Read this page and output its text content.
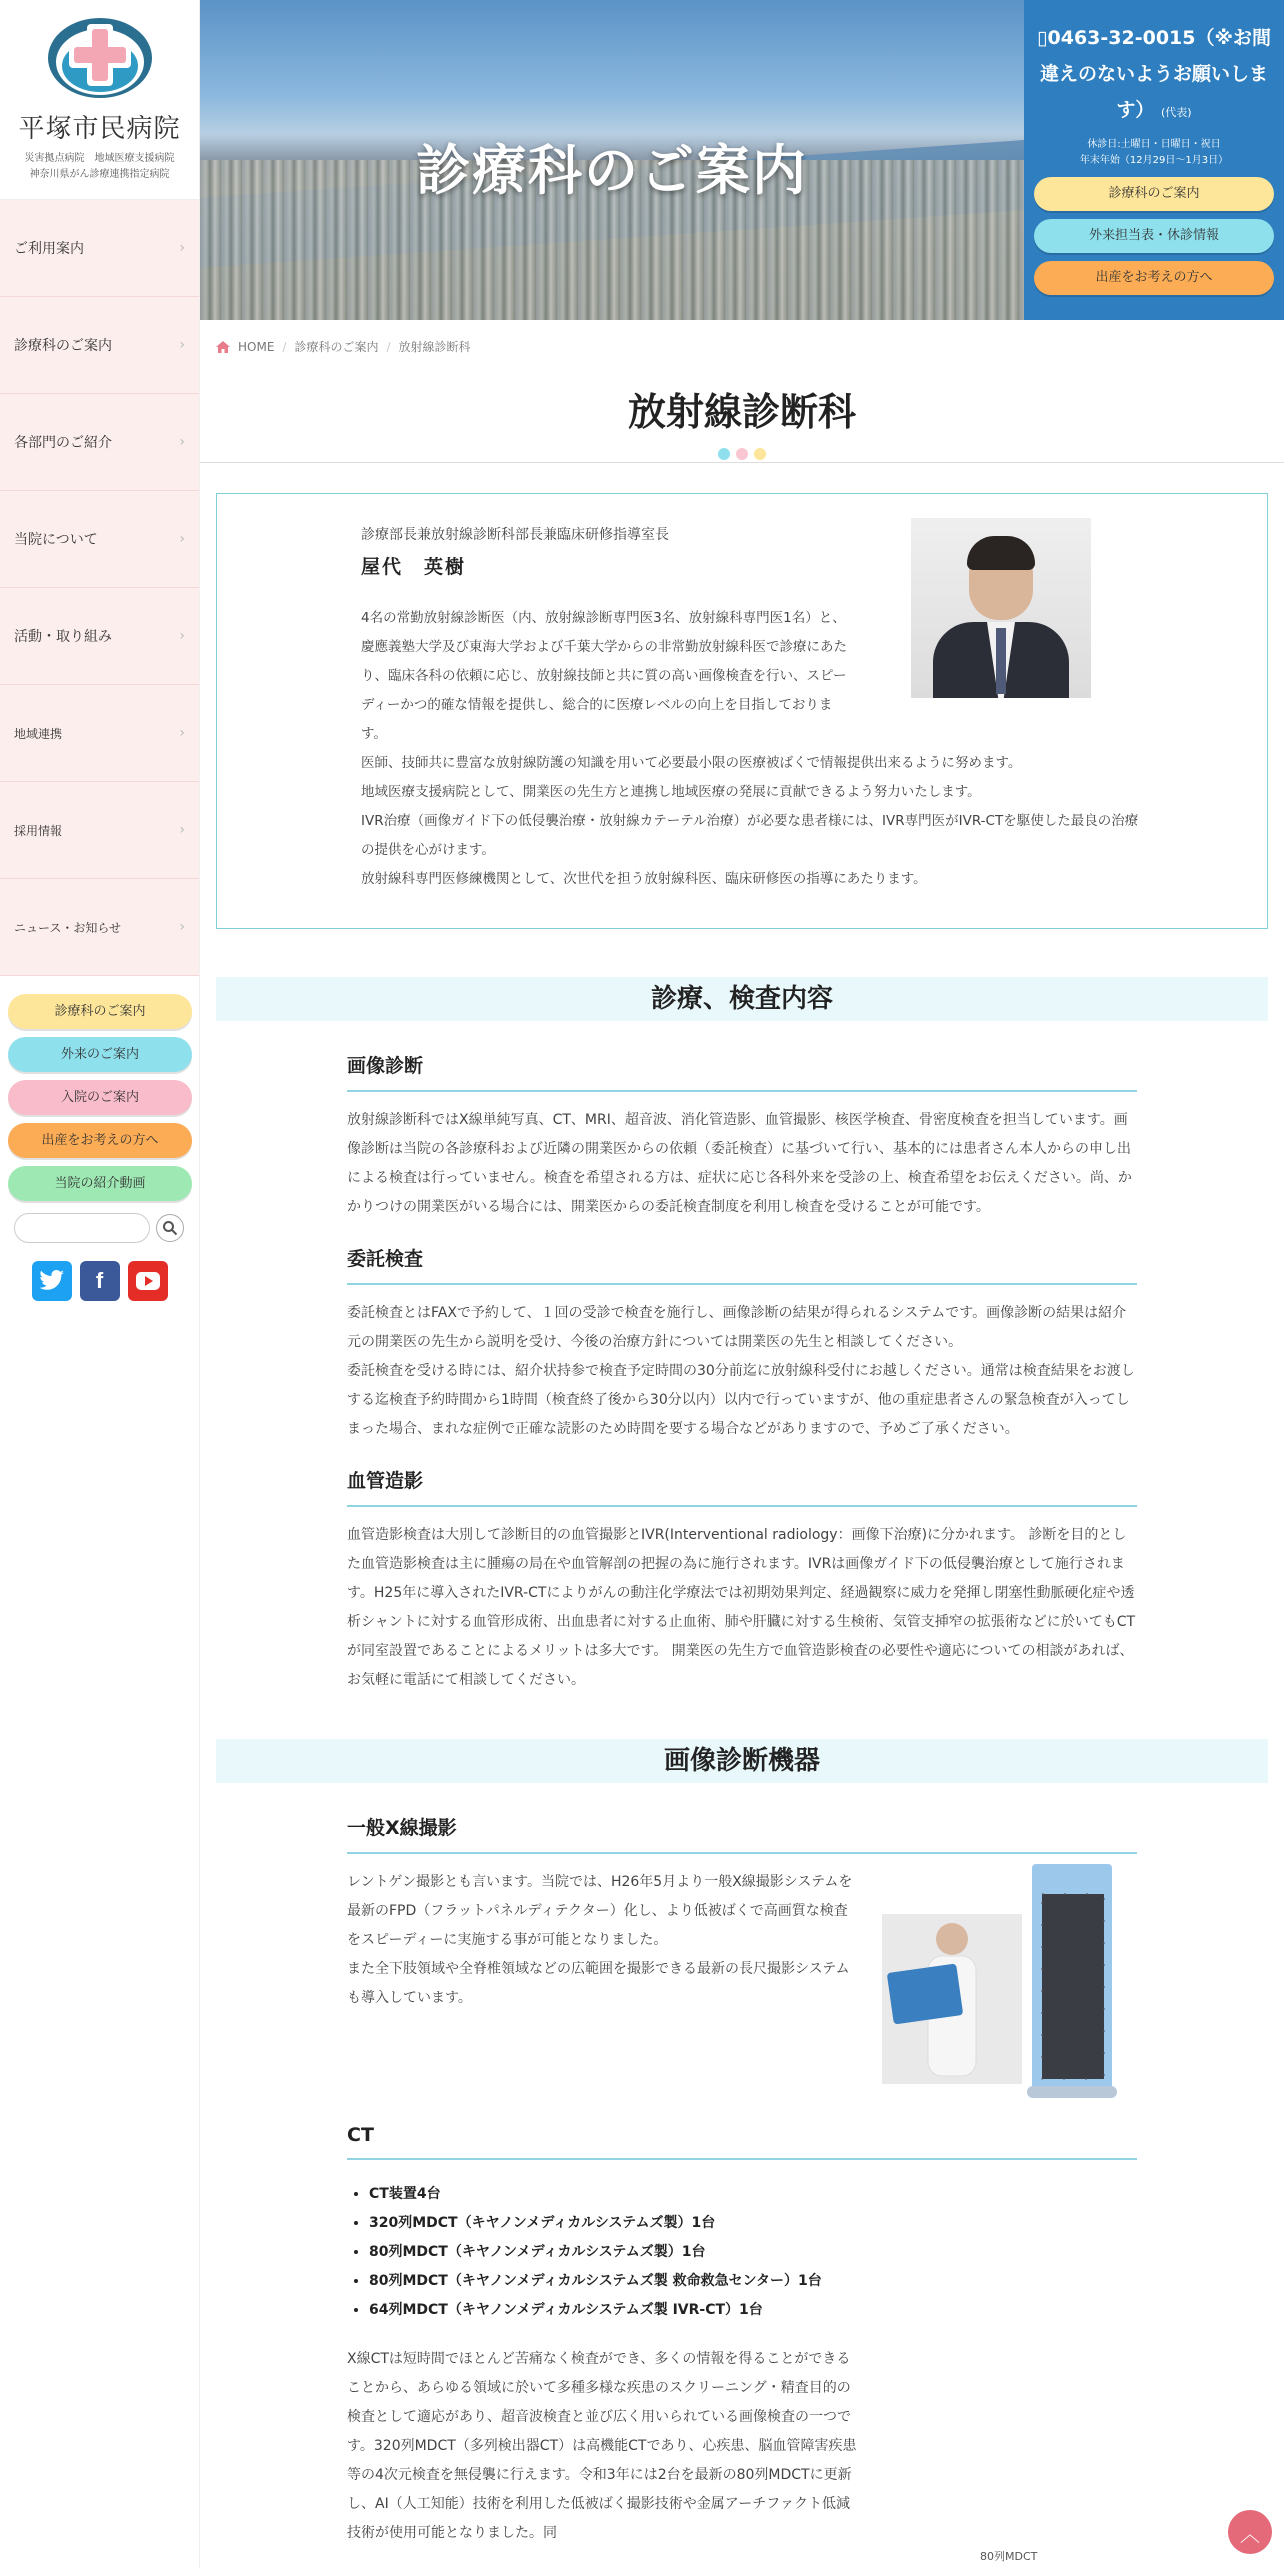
平塚市民病院
災害拠点病院　地域医療支援病院
神奈川県がん診療連携指定病院
ご利用案内	›
診療科のご案内	›
各部門のご紹介	›
当院について	›
活動・取り組み	›
地域連携	›
採用情報	›
ニュース・お知らせ	›
診療科のご案内
外来のご案内
入院のご案内
出産をお考えの方へ
当院の紹介動画
f
診療科のご案内
▯0463-32-0015（※お間違えのないようお願いします） (代表)
休診日:土曜日・日曜日・祝日
年末年始（12月29日～1月3日）
診療科のご案内
外来担当表・休診情報
出産をお考えの方へ
HOME / 診療科のご案内 / 放射線診断科
放射線診断科
診療部長兼放射線診断科部長兼臨床研修指導室長
屋代　英樹

4名の常勤放射線診断医（内、放射線診断専門医3名、放射線科専門医1名）と、慶應義塾大学及び東海大学および千葉大学からの非常勤放射線科医で診療にあたり、臨床各科の依頼に応じ、放射線技師と共に質の高い画像検査を行い、スピーディーかつ的確な情報を提供し、総合的に医療レベルの向上を目指しております。

医師、技師共に豊富な放射線防護の知識を用いて必要最小限の医療被ばくで情報提供出来るように努めます。

地域医療支援病院として、開業医の先生方と連携し地域医療の発展に貢献できるよう努力いたします。

IVR治療（画像ガイド下の低侵襲治療・放射線カテーテル治療）が必要な患者様には、IVR専門医がIVR-CTを駆使した最良の治療の提供を心がけます。

放射線科専門医修練機関として、次世代を担う放射線科医、臨床研修医の指導にあたります。

診療、検査内容
画像診断

放射線診断科ではX線単純写真、CT、MRI、超音波、消化管造影、血管撮影、核医学検査、骨密度検査を担当しています。画像診断は当院の各診療科および近隣の開業医からの依頼（委託検査）に基づいて行い、基本的には患者さん本人からの申し出による検査は行っていません。検査を希望される方は、症状に応じ各科外来を受診の上、検査希望をお伝えください。尚、かかりつけの開業医がいる場合には、開業医からの委託検査制度を利用し検査を受けることが可能です。

委託検査

委託検査とはFAXで予約して、１回の受診で検査を施行し、画像診断の結果が得られるシステムです。画像診断の結果は紹介元の開業医の先生から説明を受け、今後の治療方針については開業医の先生と相談してください。

委託検査を受ける時には、紹介状持参で検査予定時間の30分前迄に放射線科受付にお越しください。通常は検査結果をお渡しする迄検査予約時間から1時間（検査終了後から30分以内）以内で行っていますが、他の重症患者さんの緊急検査が入ってしまった場合、まれな症例で正確な読影のため時間を要する場合などがありますので、予めご了承ください。

血管造影

血管造影検査は大別して診断目的の血管撮影とIVR(Interventional radiology：画像下治療)に分かれます。 診断を目的とした血管造影検査は主に腫瘍の局在や血管解剖の把握の為に施行されます。IVRは画像ガイド下の低侵襲治療として施行されます。H25年に導入されたIVR-CTによりがんの動注化学療法では初期効果判定、経過観察に威力を発揮し閉塞性動脈硬化症や透析シャントに対する血管形成術、出血患者に対する止血術、肺や肝臓に対する生検術、気管支挿窄の拡張術などに於いてもCTが同室設置であることによるメリットは多大です。 開業医の先生方で血管造影検査の必要性や適応についての相談があれば、お気軽に電話にて相談してください。

画像診断機器
一般X線撮影

レントゲン撮影とも言います。当院では、H26年5月より一般X線撮影システムを最新のFPD（フラットパネルディテクター）化し、より低被ばくで高画質な検査をスピーディーに実施する事が可能となりました。

また全下肢領域や全脊椎領域などの広範囲を撮影できる最新の長尺撮影システムも導入しています。

CT
• CT装置4台
• 320列MDCT（キヤノンメディカルシステムズ製）1台
• 80列MDCT（キヤノンメディカルシステムズ製）1台
• 80列MDCT（キヤノンメディカルシステムズ製 救命救急センター）1台
• 64列MDCT（キヤノンメディカルシステムズ製 IVR-CT）1台

X線CTは短時間でほとんど苦痛なく検査ができ、多くの情報を得ることができることから、あらゆる領域に於いて多種多様な疾患のスクリーニング・精査目的の検査として適応があり、超音波検査と並び広く用いられている画像検査の一つです。320列MDCT（多列検出器CT）は高機能CTであり、心疾患、脳血管障害疾患等の4次元検査を無侵襲に行えます。令和3年には2台を最新の80列MDCTに更新し、AI（人工知能）技術を利用した低被ばく撮影技術や金属アーチファクト低減技術が使用可能となりました。同

80列MDCT
︿
